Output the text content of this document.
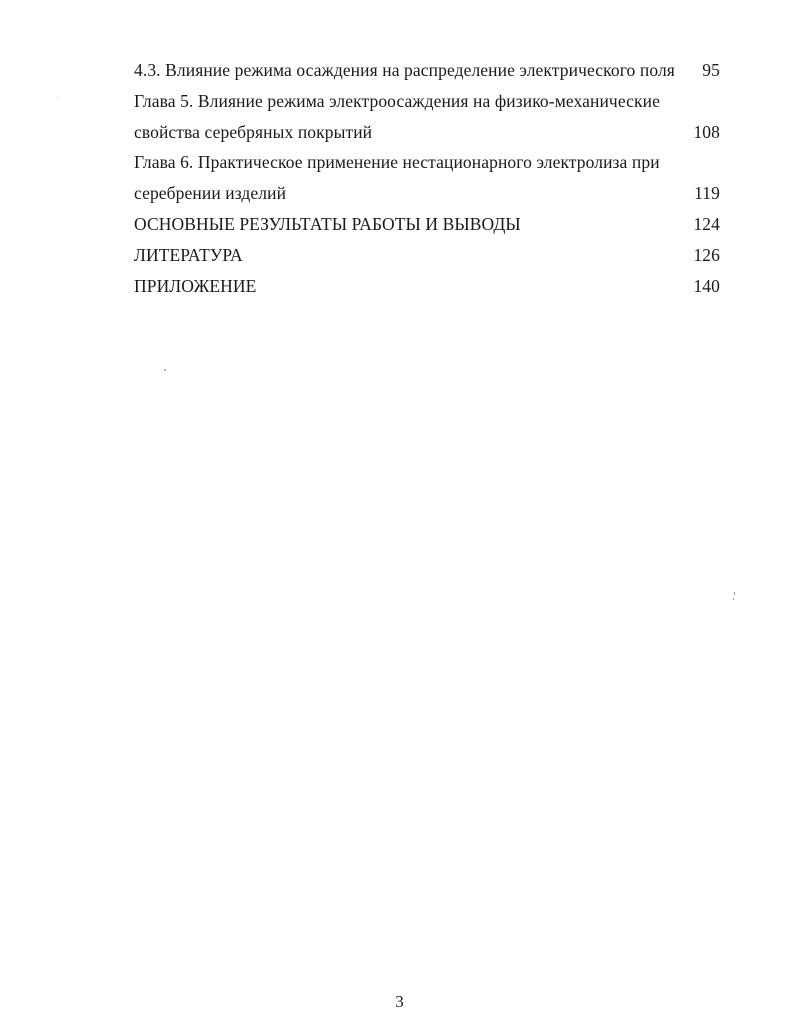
4.3. Влияние режима осаждения на распределение электрического поля	95
Глава 5. Влияние режима электроосаждения на физико-механические
свойства серебряных покрытий	108
Глава 6. Практическое применение нестационарного электролиза при
серебрении изделий	119
ОСНОВНЫЕ РЕЗУЛЬТАТЫ РАБОТЫ И ВЫВОДЫ	124
ЛИТЕРАТУРА	126
ПРИЛОЖЕНИЕ	140
3
